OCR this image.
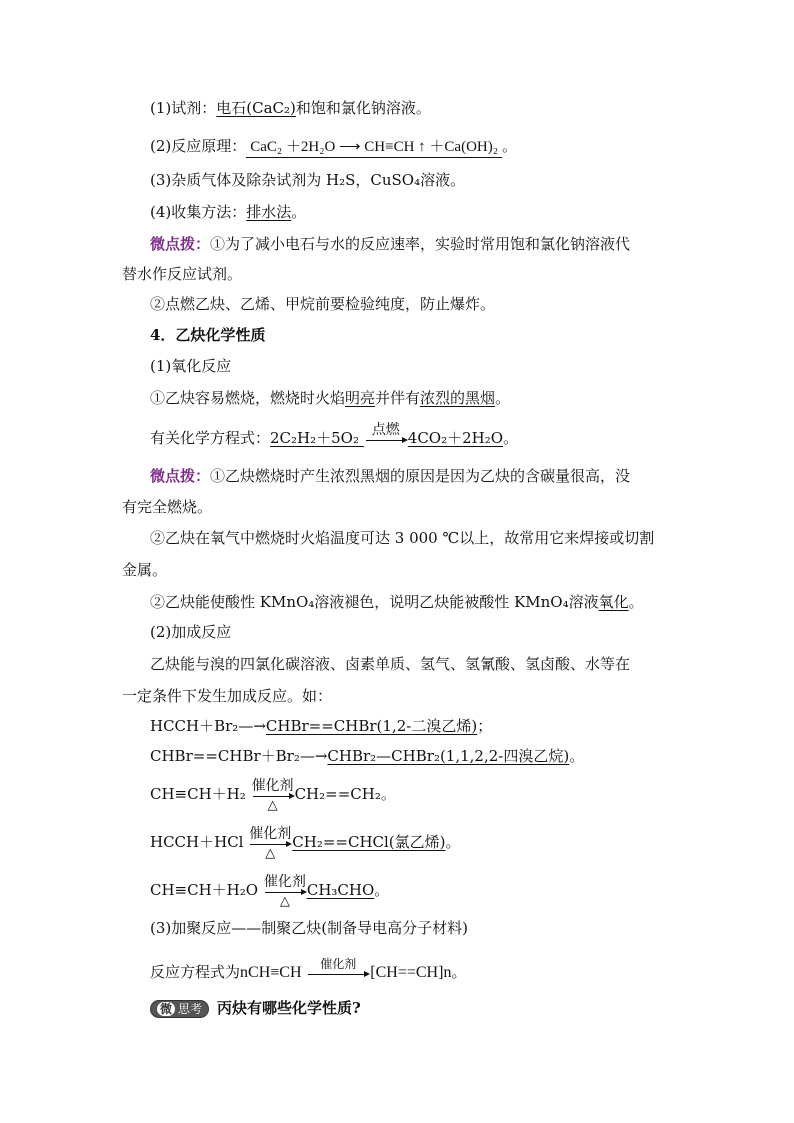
(1)试剂：电石(CaC₂)和饱和氯化钠溶液。
(2)反应原理： CaC₂ ＋2H₂O ⟶ CH≡CH ↑ ＋Ca(OH)₂ 。
(3)杂质气体及除杂试剂为 H₂S，CuSO₄溶液。
(4)收集方法：排水法。
微点拨：①为了减小电石与水的反应速率，实验时常用饱和氯化钠溶液代
替水作反应试剂。
②点燃乙炔、乙烯、甲烷前要检验纯度，防止爆炸。
4．乙炔化学性质
(1)氧化反应
①乙炔容易燃烧，燃烧时火焰明亮并伴有浓烈的黑烟。
有关化学方程式：2C₂H₂＋5O₂ 点燃 4CO₂＋2H₂O。
微点拨：①乙炔燃烧时产生浓烈黑烟的原因是因为乙炔的含碳量很高，没
有完全燃烧。
②乙炔在氧气中燃烧时火焰温度可达 3 000 ℃以上，故常用它来焊接或切割
金属。
②乙炔能使酸性 KMnO₄溶液褪色，说明乙炔能被酸性 KMnO₄溶液氧化。
(2)加成反应
乙炔能与溴的四氯化碳溶液、卤素单质、氢气、氢氰酸、氢卤酸、水等在
一定条件下发生加成反应。如：
HCCH＋Br₂—→CHBr==CHBr(1,2-二溴乙烯)；
CHBr==CHBr＋Br₂—→CHBr₂—CHBr₂(1,1,2,2-四溴乙烷)。
CH≡CH＋H₂ 催化剂
△
CH₂==CH₂。
HCCH＋HCl 催化剂
△
CH₂==CHCl(氯乙烯)。
CH≡CH＋H₂O 催化剂
△
CH₃CHO。
(3)加聚反应——制聚乙炔(制备导电高分子材料)
反应方程式为nCH≡CH	催化剂 [CH==CH]n。
微 思考 丙炔有哪些化学性质?
